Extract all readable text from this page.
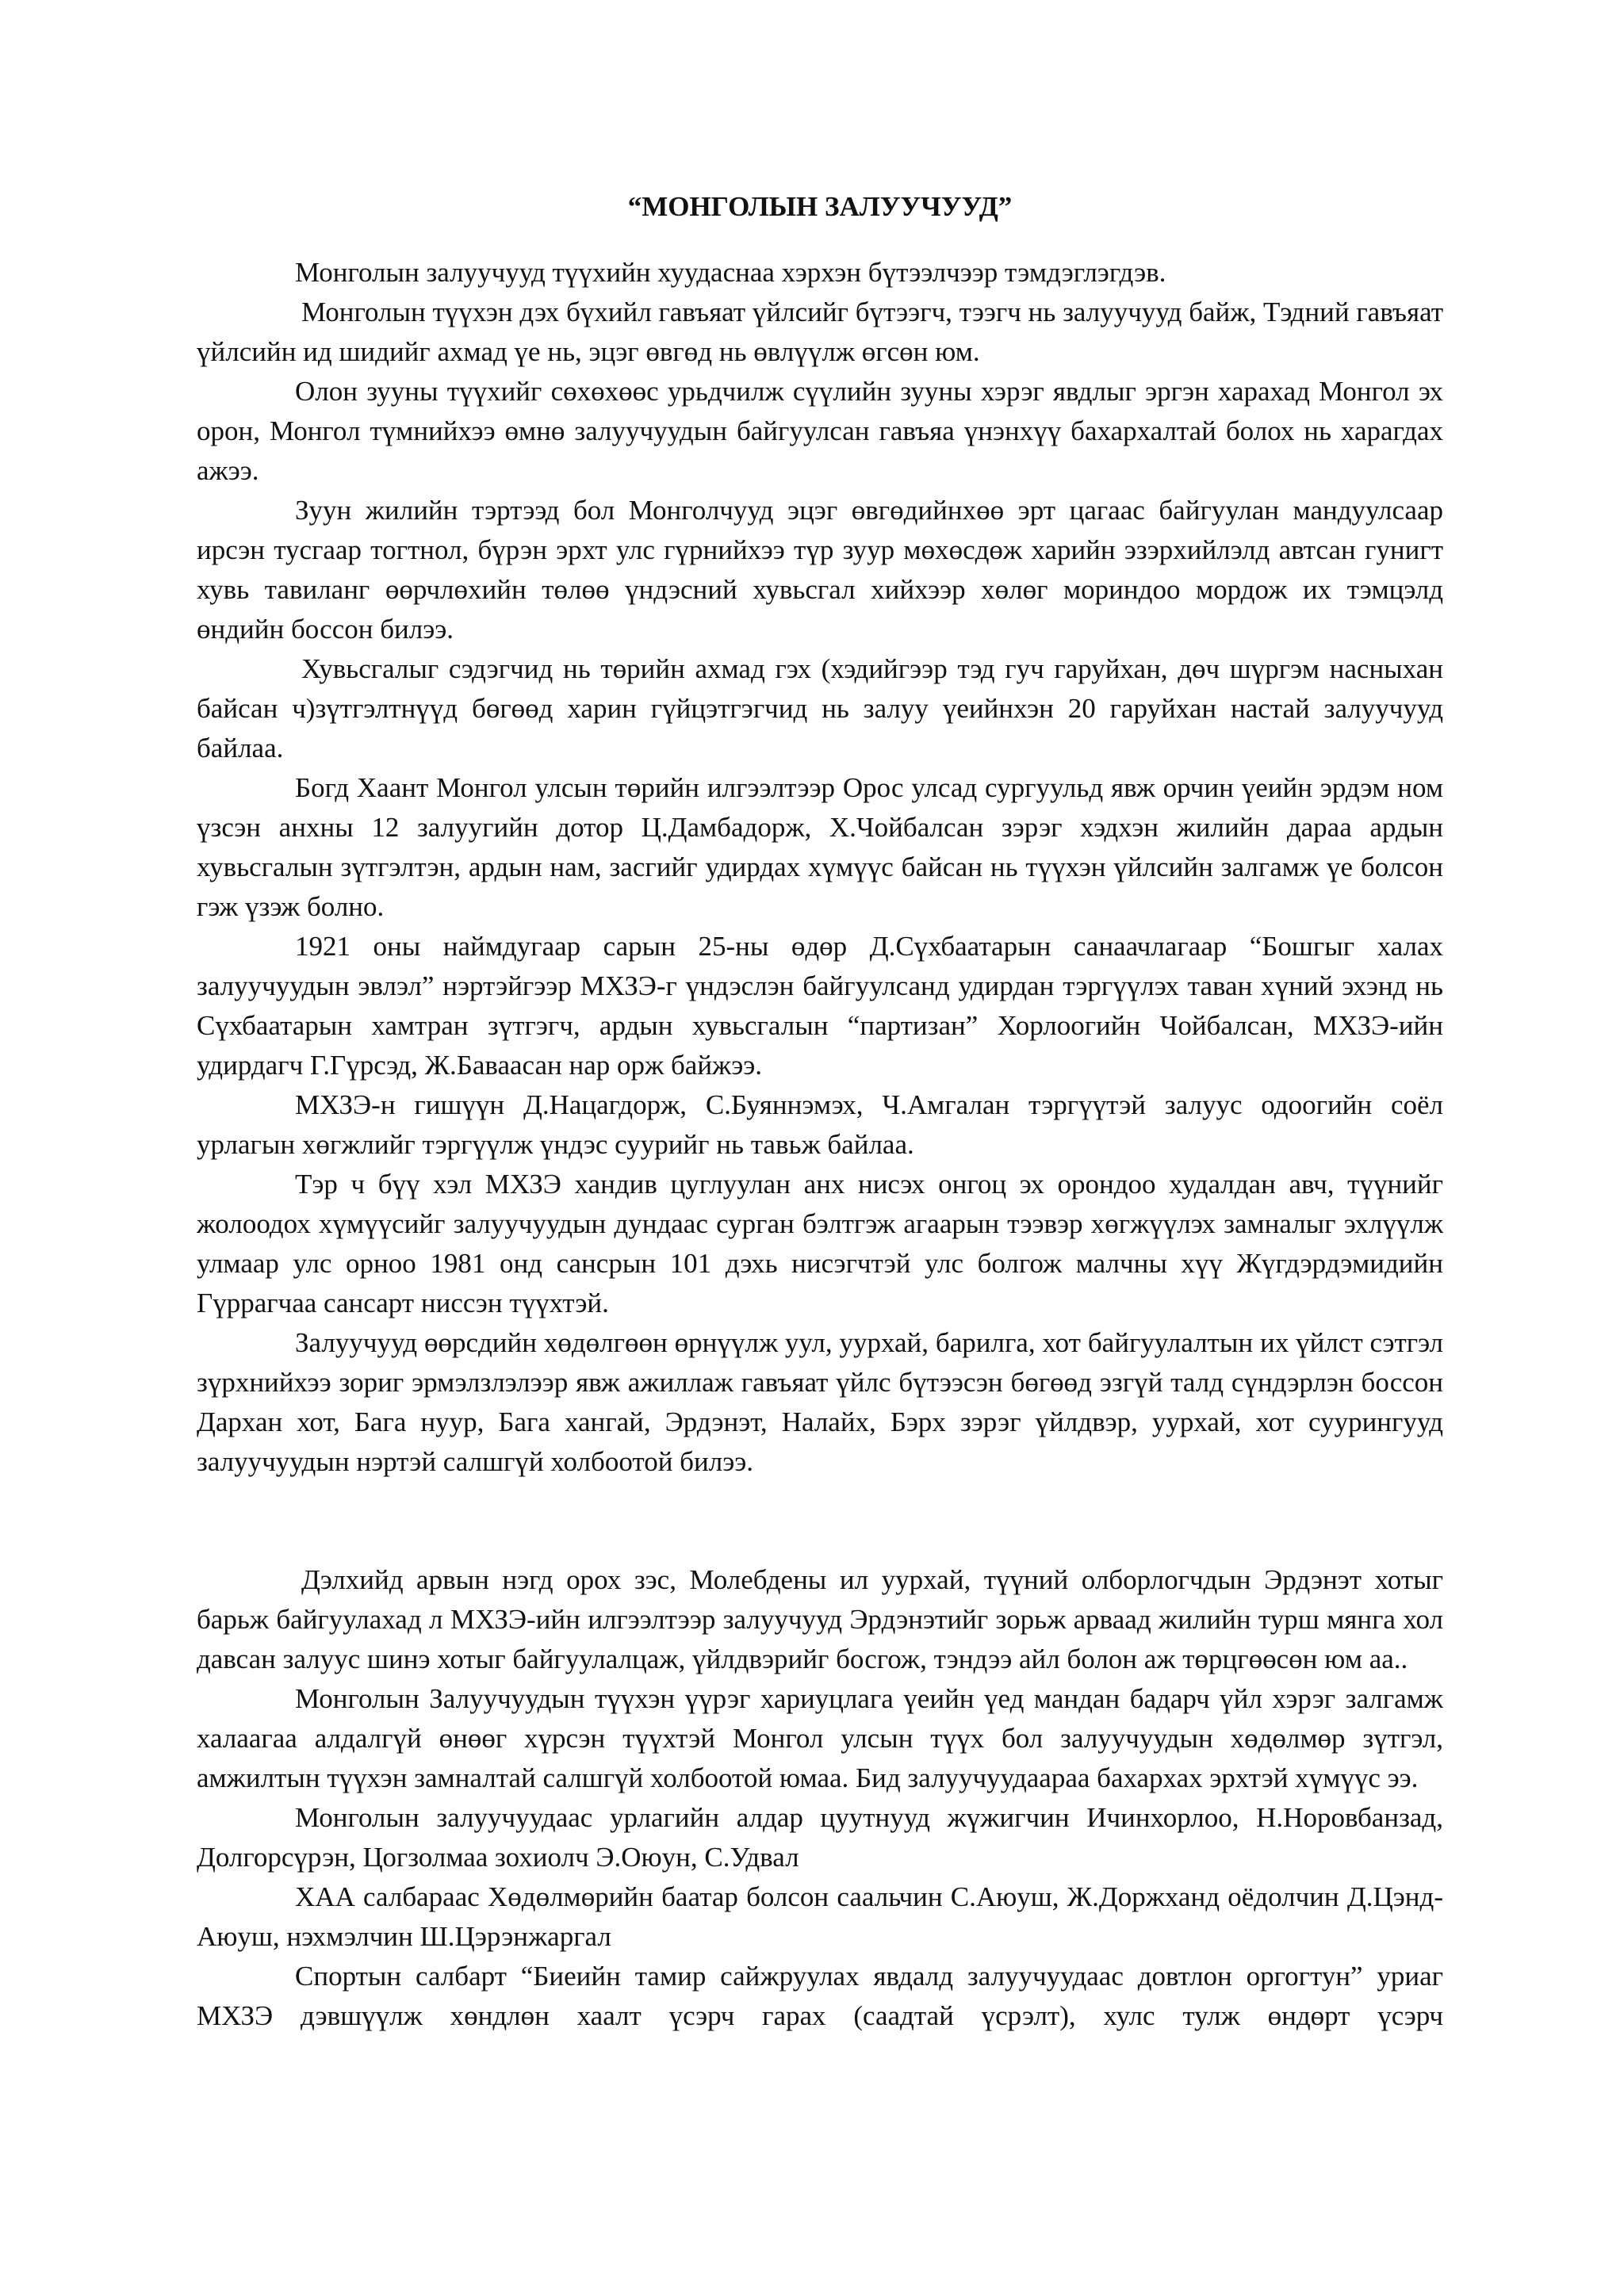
“МОНГОЛЫН ЗАЛУУЧУУД”

Монголын залуучууд түүхийн хуудаснаа хэрхэн бүтээлчээр тэмдэглэгдэв.

Монголын түүхэн дэх бүхийл гавъяат үйлсийг бүтээгч, тээгч нь залуучууд байж, Тэдний гавъяат үйлсийн ид шидийг ахмад үе нь, эцэг өвгөд нь өвлүүлж өгсөн юм.

Олон зууны түүхийг сөхөхөөс урьдчилж сүүлийн зууны хэрэг явдлыг эргэн харахад Монгол эх орон, Монгол түмнийхээ өмнө залуучуудын байгуулсан гавъяа үнэнхүү бахархалтай болох нь харагдах ажээ.

Зуун жилийн тэртээд бол Монголчууд эцэг өвгөдийнхөө эрт цагаас байгуулан мандуулсаар ирсэн тусгаар тогтнол, бүрэн эрхт улс гүрнийхээ түр зуур мөхөсдөж харийн эзэрхийлэлд автсан гунигт хувь тавиланг өөрчлөхийн төлөө үндэсний хувьсгал хийхээр хөлөг мориндоо мордож их тэмцэлд өндийн боссон билээ.

Хувьсгалыг сэдэгчид нь төрийн ахмад гэх (хэдийгээр тэд гуч гаруйхан, дөч шүргэм насныхан байсан ч)зүтгэлтнүүд бөгөөд харин гүйцэтгэгчид нь залуу үеийнхэн 20 гаруйхан настай залуучууд байлаа.

Богд Хаант Монгол улсын төрийн илгээлтээр Орос улсад сургуульд явж орчин үеийн эрдэм ном үзсэн анхны 12 залуугийн дотор Ц.Дамбадорж, Х.Чойбалсан зэрэг хэдхэн жилийн дараа ардын хувьсгалын зүтгэлтэн, ардын нам, засгийг удирдах хүмүүс байсан нь түүхэн үйлсийн залгамж үе болсон гэж үзэж болно.

1921 оны наймдугаар сарын 25-ны өдөр Д.Сүхбаатарын санаачлагаар “Бошгыг халах залуучуудын эвлэл” нэртэйгээр МХЗЭ-г үндэслэн байгуулсанд удирдан тэргүүлэх таван хүний эхэнд нь Сүхбаатарын хамтран зүтгэгч, ардын хувьсгалын “партизан” Хорлоогийн Чойбалсан, МХЗЭ-ийн удирдагч Г.Гүрсэд, Ж.Баваасан нар орж байжээ.

МХЗЭ-н гишүүн Д.Нацагдорж, С.Буяннэмэх, Ч.Амгалан тэргүүтэй залуус одоогийн соёл урлагын хөгжлийг тэргүүлж үндэс суурийг нь тавьж байлаа.

Тэр ч бүү хэл МХЗЭ хандив цуглуулан анх нисэх онгоц эх орондоо худалдан авч, түүнийг жолоодох хүмүүсийг залуучуудын дундаас сурган бэлтгэж агаарын тээвэр хөгжүүлэх замналыг эхлүүлж улмаар улс орноо 1981 онд сансрын 101 дэхь нисэгчтэй улс болгож малчны хүү Жүгдэрдэмидийн Гүррагчаа сансарт ниссэн түүхтэй.

Залуучууд өөрсдийн хөдөлгөөн өрнүүлж уул, уурхай, барилга, хот байгуулалтын их үйлст сэтгэл зүрхнийхээ зориг эрмэлзлэлээр явж ажиллаж гавъяат үйлс бүтээсэн бөгөөд эзгүй талд сүндэрлэн боссон Дархан хот, Бага нуур, Бага хангай, Эрдэнэт, Налайх, Бэрх зэрэг үйлдвэр, уурхай, хот суурингууд залуучуудын нэртэй салшгүй холбоотой билээ.

Дэлхийд арвын нэгд орох зэс, Молебдены ил уурхай, түүний олборлогчдын Эрдэнэт хотыг барьж байгуулахад л МХЗЭ-ийн илгээлтээр залуучууд Эрдэнэтийг зорьж арваад жилийн турш мянга хол давсан залуус шинэ хотыг байгуулалцаж, үйлдвэрийг босгож, тэндээ айл болон аж төрцгөөсөн юм аа..

Монголын Залуучуудын түүхэн үүрэг хариуцлага үеийн үед мандан бадарч үйл хэрэг залгамж халаагаа алдалгүй өнөөг хүрсэн түүхтэй Монгол улсын түүх бол залуучуудын хөдөлмөр зүтгэл, амжилтын түүхэн замналтай салшгүй холбоотой юмаа. Бид залуучуудаараа бахархах эрхтэй хүмүүс ээ.

Монголын залуучуудаас урлагийн алдар цуутнууд жүжигчин Ичинхорлоо, Н.Норовбанзад, Долгорсүрэн, Цогзолмаа зохиолч Э.Оюун, С.Удвал

ХАА салбараас Хөдөлмөрийн баатар болсон саальчин С.Аюуш, Ж.Доржханд оёдолчин Д.Цэнд- Аюуш, нэхмэлчин Ш.Цэрэнжаргал

Спортын салбарт “Биеийн тамир сайжруулах явдалд залуучуудаас довтлон оргогтун” уриаг МХЗЭ дэвшүүлж хөндлөн хаалт үсэрч гарах (саадтай үсрэлт), хулс тулж өндөрт үсэрч
